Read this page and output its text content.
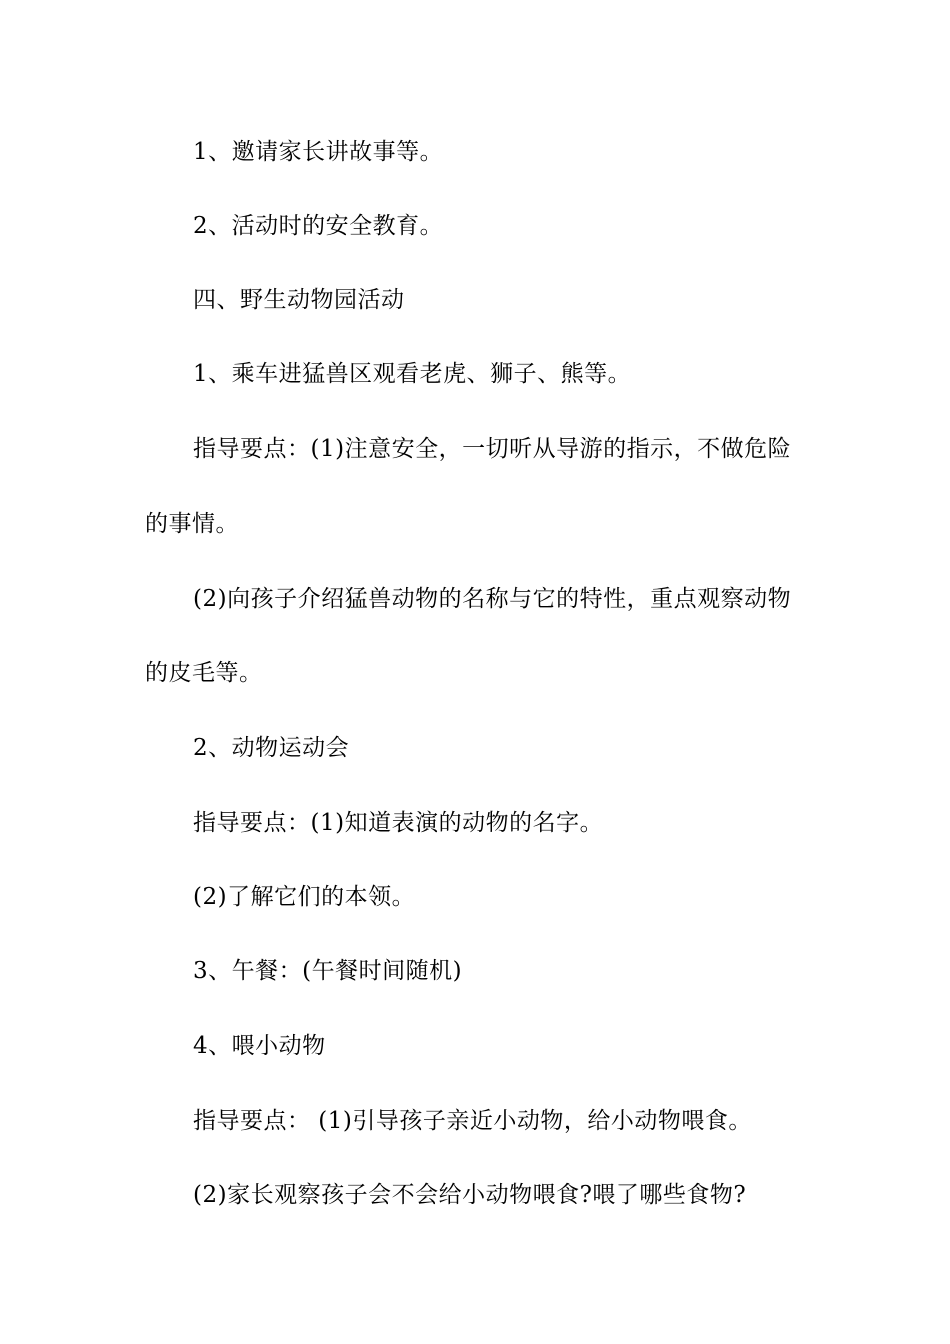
1、邀请家长讲故事等。
2、活动时的安全教育。
四、野生动物园活动
1、乘车进猛兽区观看老虎、狮子、熊等。
指导要点：(1)注意安全，一切听从导游的指示，不做危险
的事情。
(2)向孩子介绍猛兽动物的名称与它的特性，重点观察动物
的皮毛等。
2、动物运动会
指导要点：(1)知道表演的动物的名字。
(2)了解它们的本领。
3、午餐：(午餐时间随机)
4、喂小动物
指导要点： (1)引导孩子亲近小动物，给小动物喂食。
(2)家长观察孩子会不会给小动物喂食?喂了哪些食物?
